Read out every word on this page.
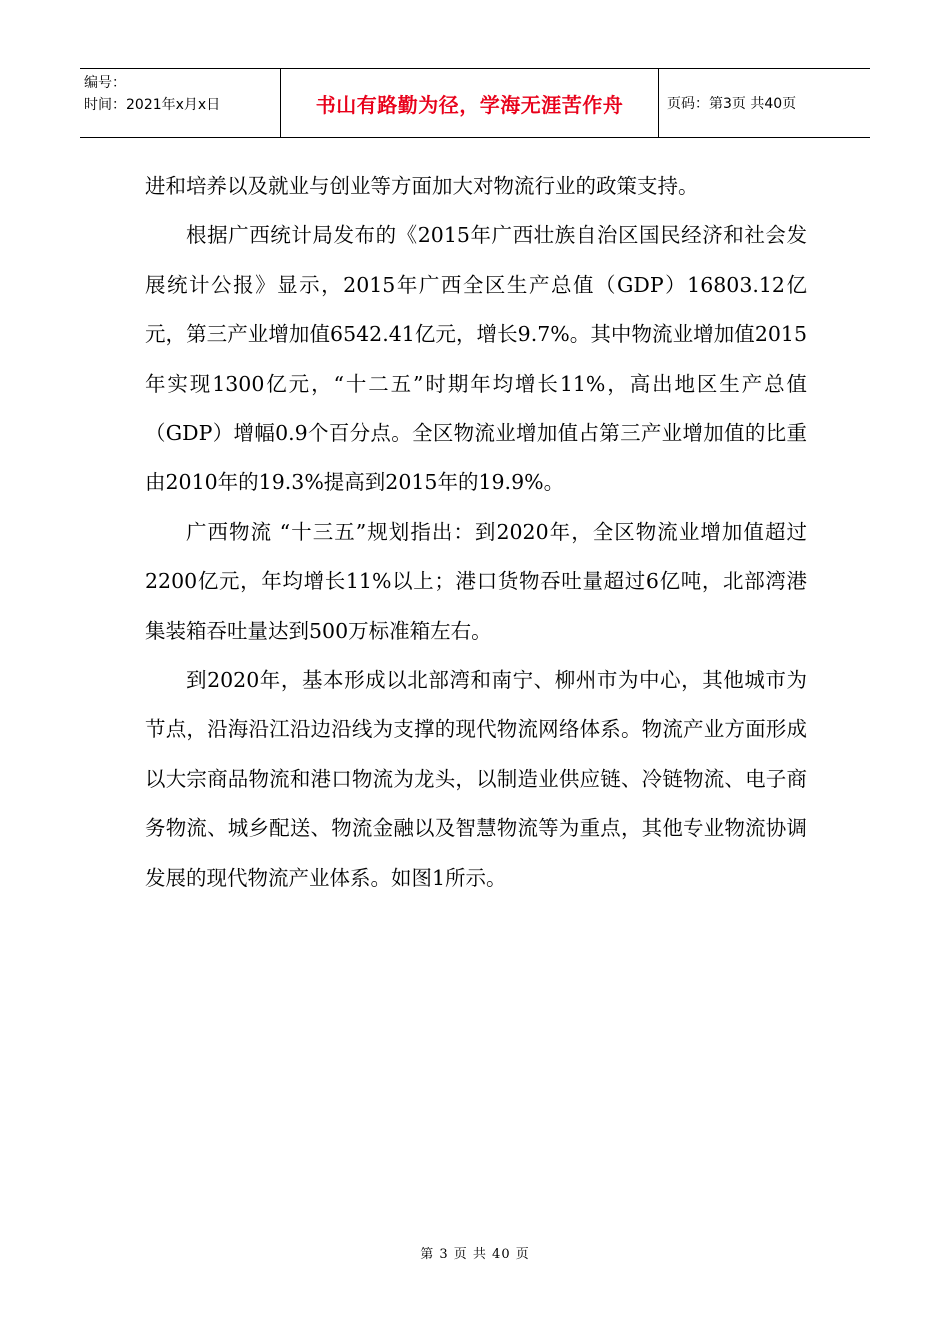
编号：
时间：2021年x月x日	书山有路勤为径，学海无涯苦作舟	页码：第3页 共40页

进和培养以及就业与创业等方面加大对物流行业的政策支持。

根据广西统计局发布的《2015年广西壮族自治区国民经济和社会发展统计公报》显示，2015年广西全区生产总值（GDP）16803.12亿元，第三产业增加值6542.41亿元，增长9.7%。其中物流业增加值2015年实现1300亿元，“十二五”时期年均增长11%，高出地区生产总值（GDP）增幅0.9个百分点。全区物流业增加值占第三产业增加值的比重由2010年的19.3%提高到2015年的19.9%。

广西物流 “十三五”规划指出：到2020年，全区物流业增加值超过2200亿元，年均增长11%以上；港口货物吞吐量超过6亿吨，北部湾港集装箱吞吐量达到500万标准箱左右。

到2020年，基本形成以北部湾和南宁、柳州市为中心，其他城市为节点，沿海沿江沿边沿线为支撑的现代物流网络体系。物流产业方面形成以大宗商品物流和港口物流为龙头，以制造业供应链、冷链物流、电子商务物流、城乡配送、物流金融以及智慧物流等为重点，其他专业物流协调发展的现代物流产业体系。如图1所示。

第 3 页 共 40 页
